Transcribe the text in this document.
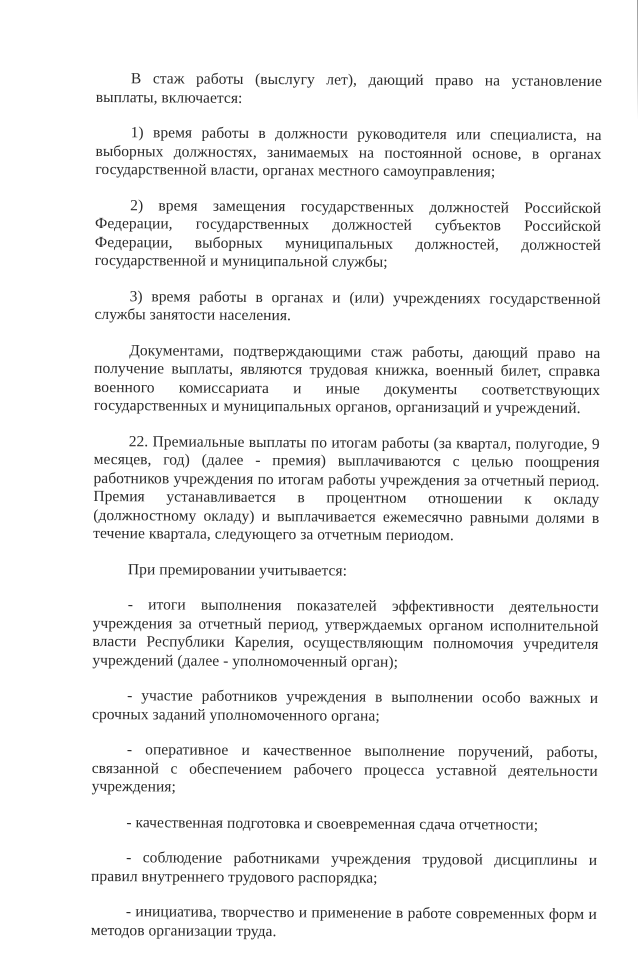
В стаж работы (выслугу лет), дающий право на установление выплаты, включается:

1) время работы в должности руководителя или специалиста, на выборных должностях, занимаемых на постоянной основе, в органах государственной власти, органах местного самоуправления;

2) время замещения государственных должностей Российской Федерации, государственных должностей субъектов Российской Федерации, выборных муниципальных должностей, должностей государственной и муниципальной службы;

3) время работы в органах и (или) учреждениях государственной службы занятости населения.

Документами, подтверждающими стаж работы, дающий право на получение выплаты, являются трудовая книжка, военный билет, справка военного комиссариата и иные документы соответствующих государственных и муниципальных органов, организаций и учреждений.

22. Премиальные выплаты по итогам работы (за квартал, полугодие, 9 месяцев, год) (далее - премия) выплачиваются с целью поощрения работников учреждения по итогам работы учреждения за отчетный период. Премия устанавливается в процентном отношении к окладу (должностному окладу) и выплачивается ежемесячно равными долями в течение квартала, следующего за отчетным периодом.

При премировании учитывается:

- итоги выполнения показателей эффективности деятельности учреждения за отчетный период, утверждаемых органом исполнительной власти Республики Карелия, осуществляющим полномочия учредителя учреждений (далее - уполномоченный орган);

- участие работников учреждения в выполнении особо важных и срочных заданий уполномоченного органа;

- оперативное и качественное выполнение поручений, работы, связанной с обеспечением рабочего процесса уставной деятельности учреждения;

- качественная подготовка и своевременная сдача отчетности;

- соблюдение работниками учреждения трудовой дисциплины и правил внутреннего трудового распорядка;

- инициатива, творчество и применение в работе современных форм и методов организации труда.
